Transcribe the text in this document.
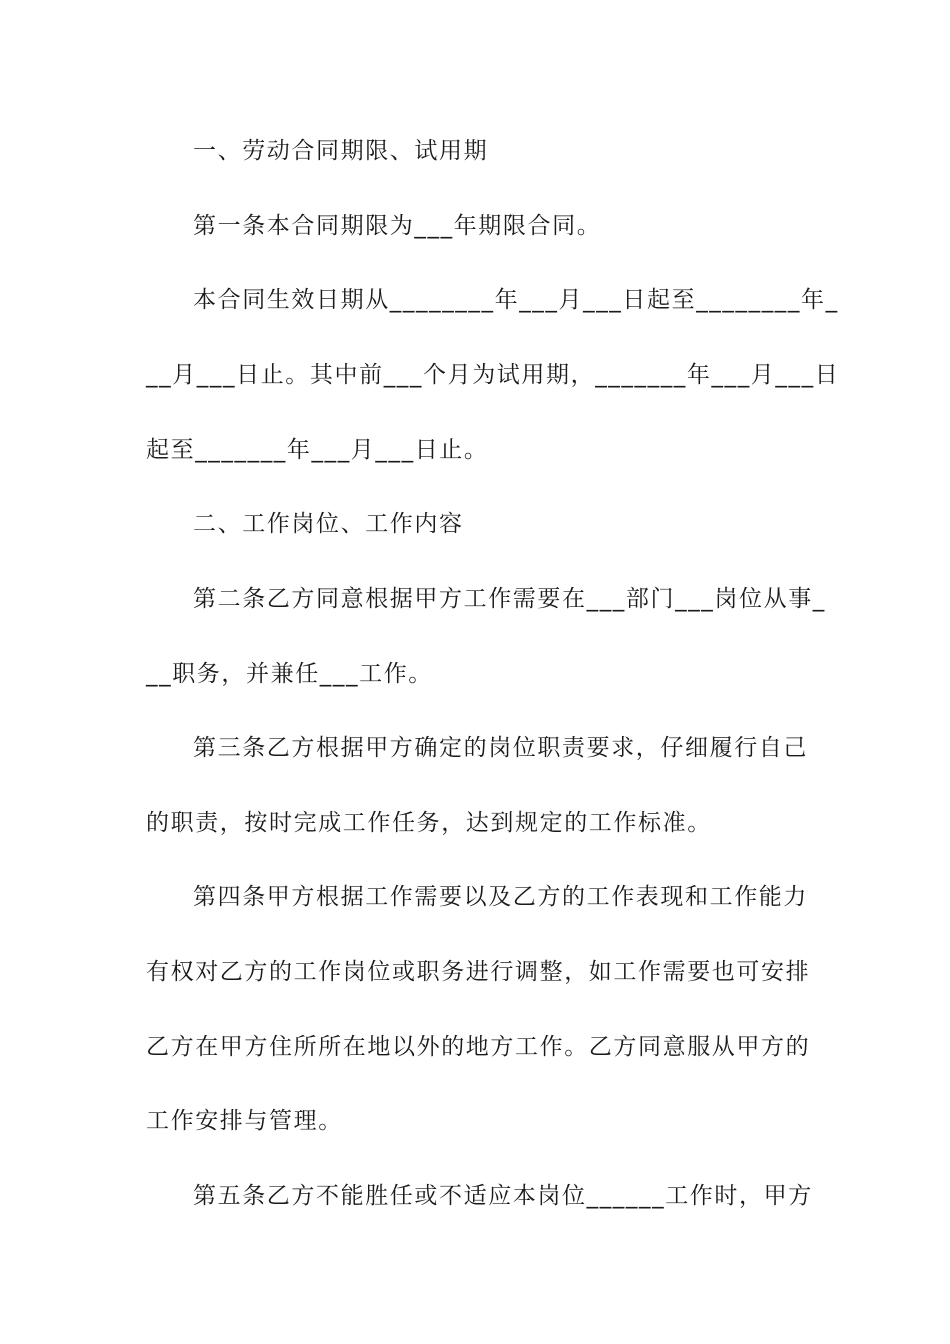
一、劳动合同期限、试用期
第一条本合同期限为___年期限合同。
本合同生效日期从________年___月___日起至________年_
__月___日止。其中前___个月为试用期，_______年___月___日
起至_______年___月___日止。
二、工作岗位、工作内容
第二条乙方同意根据甲方工作需要在___部门___岗位从事_
__职务，并兼任___工作。
第三条乙方根据甲方确定的岗位职责要求，仔细履行自己
的职责，按时完成工作任务，达到规定的工作标准。
第四条甲方根据工作需要以及乙方的工作表现和工作能力
有权对乙方的工作岗位或职务进行调整，如工作需要也可安排
乙方在甲方住所所在地以外的地方工作。乙方同意服从甲方的
工作安排与管理。
第五条乙方不能胜任或不适应本岗位______工作时，甲方
